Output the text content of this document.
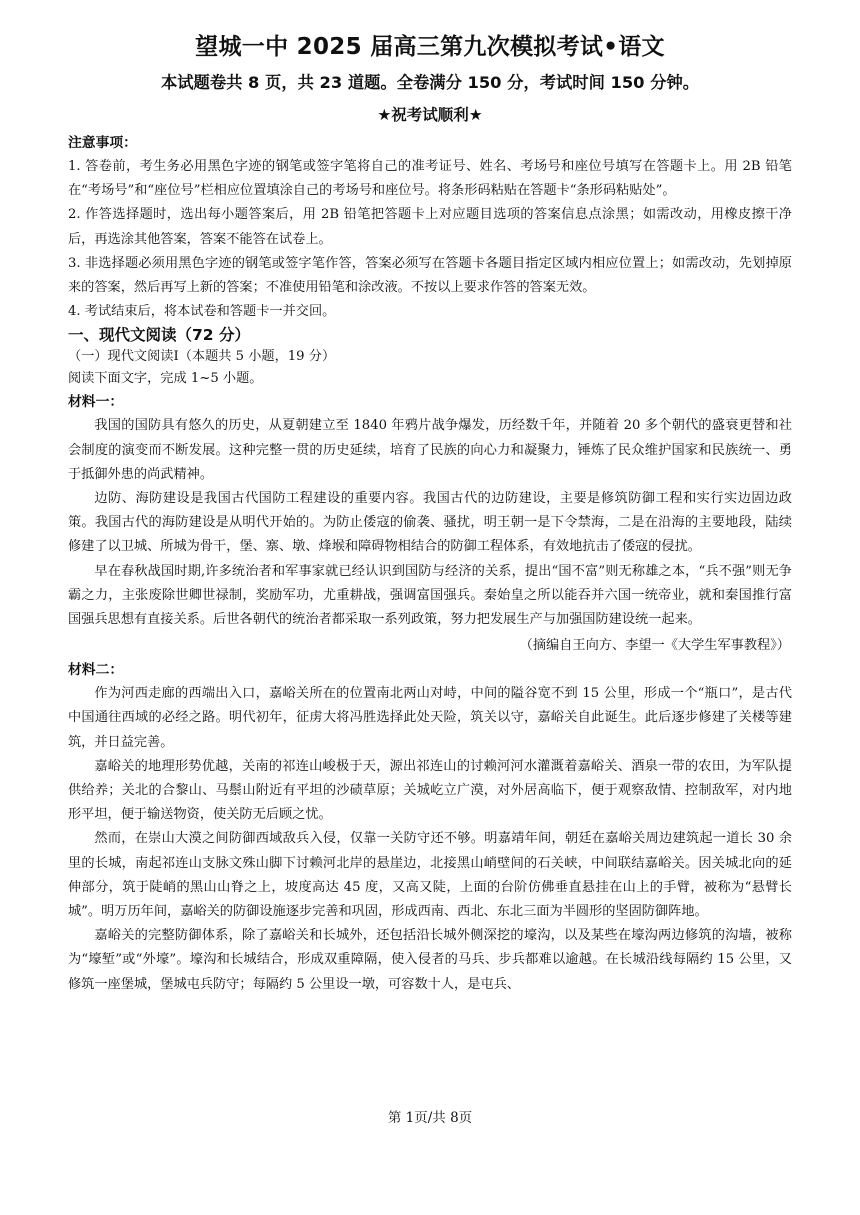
望城一中 2025 届高三第九次模拟考试•语文
本试题卷共 8 页，共 23 道题。全卷满分 150 分，考试时间 150 分钟。
★祝考试顺利★
注意事项：

1. 答卷前，考生务必用黑色字迹的钢笔或签字笔将自己的准考证号、姓名、考场号和座位号填写在答题卡上。用 2B 铅笔在“考场号”和“座位号”栏相应位置填涂自己的考场号和座位号。将条形码粘贴在答题卡“条形码粘贴处”。

2. 作答选择题时，选出每小题答案后，用 2B 铅笔把答题卡上对应题目选项的答案信息点涂黑；如需改动，用橡皮擦干净后，再选涂其他答案，答案不能答在试卷上。

3. 非选择题必须用黑色字迹的钢笔或签字笔作答，答案必须写在答题卡各题目指定区域内相应位置上；如需改动，先划掉原来的答案，然后再写上新的答案；不准使用铅笔和涂改液。不按以上要求作答的答案无效。

4. 考试结束后，将本试卷和答题卡一并交回。

一、现代文阅读（72 分）
（一）现代文阅读Ⅰ（本题共 5 小题，19 分）
阅读下面文字，完成 1~5 小题。
材料一：

我国的国防具有悠久的历史，从夏朝建立至 1840 年鸦片战争爆发，历经数千年，并随着 20 多个朝代的盛衰更替和社会制度的演变而不断发展。这种完整一贯的历史延续，培育了民族的向心力和凝聚力，锤炼了民众维护国家和民族统一、勇于抵御外患的尚武精神。

边防、海防建设是我国古代国防工程建设的重要内容。我国古代的边防建设，主要是修筑防御工程和实行实边固边政策。我国古代的海防建设是从明代开始的。为防止倭寇的偷袭、骚扰，明王朝一是下令禁海，二是在沿海的主要地段，陆续修建了以卫城、所城为骨干，堡、寨、墩、烽堠和障碍物相结合的防御工程体系，有效地抗击了倭寇的侵扰。

早在春秋战国时期,许多统治者和军事家就已经认识到国防与经济的关系，提出“国不富”则无称雄之本，“兵不强”则无争霸之力，主张废除世卿世禄制，奖励军功，尤重耕战，强调富国强兵。秦始皇之所以能吞并六国一统帝业，就和秦国推行富国强兵思想有直接关系。后世各朝代的统治者都采取一系列政策，努力把发展生产与加强国防建设统一起来。

（摘编自王向方、李望一《大学生军事教程》）
材料二：

作为河西走廊的西端出入口，嘉峪关所在的位置南北两山对峙，中间的隘谷宽不到 15 公里，形成一个“瓶口”，是古代中国通往西域的必经之路。明代初年，征虏大将冯胜选择此处天险，筑关以守，嘉峪关自此诞生。此后逐步修建了关楼等建筑，并日益完善。

嘉峪关的地理形势优越，关南的祁连山峻极于天，源出祁连山的讨赖河河水灌溉着嘉峪关、酒泉一带的农田，为军队提供给养；关北的合黎山、马鬃山附近有平坦的沙碛草原；关城屹立广漠，对外居高临下，便于观察敌情、控制敌军，对内地形平坦，便于输送物资，使关防无后顾之忧。

然而，在崇山大漠之间防御西域敌兵入侵，仅靠一关防守还不够。明嘉靖年间，朝廷在嘉峪关周边建筑起一道长 30 余里的长城，南起祁连山支脉文殊山脚下讨赖河北岸的悬崖边，北接黑山峭壁间的石关峡，中间联结嘉峪关。因关城北向的延伸部分，筑于陡峭的黑山山脊之上，坡度高达 45 度，又高又陡，上面的台阶仿佛垂直悬挂在山上的手臂，被称为“悬臂长城”。明万历年间，嘉峪关的防御设施逐步完善和巩固，形成西南、西北、东北三面为半圆形的坚固防御阵地。

嘉峪关的完整防御体系，除了嘉峪关和长城外，还包括沿长城外侧深挖的壕沟，以及某些在壕沟两边修筑的沟墙，被称为“壕堑”或“外壕”。壕沟和长城结合，形成双重障隔，使入侵者的马兵、步兵都难以逾越。在长城沿线每隔约 15 公里，又修筑一座堡城，堡城屯兵防守；每隔约 5 公里设一墩，可容数十人，是屯兵、

第 1页/共 8页
